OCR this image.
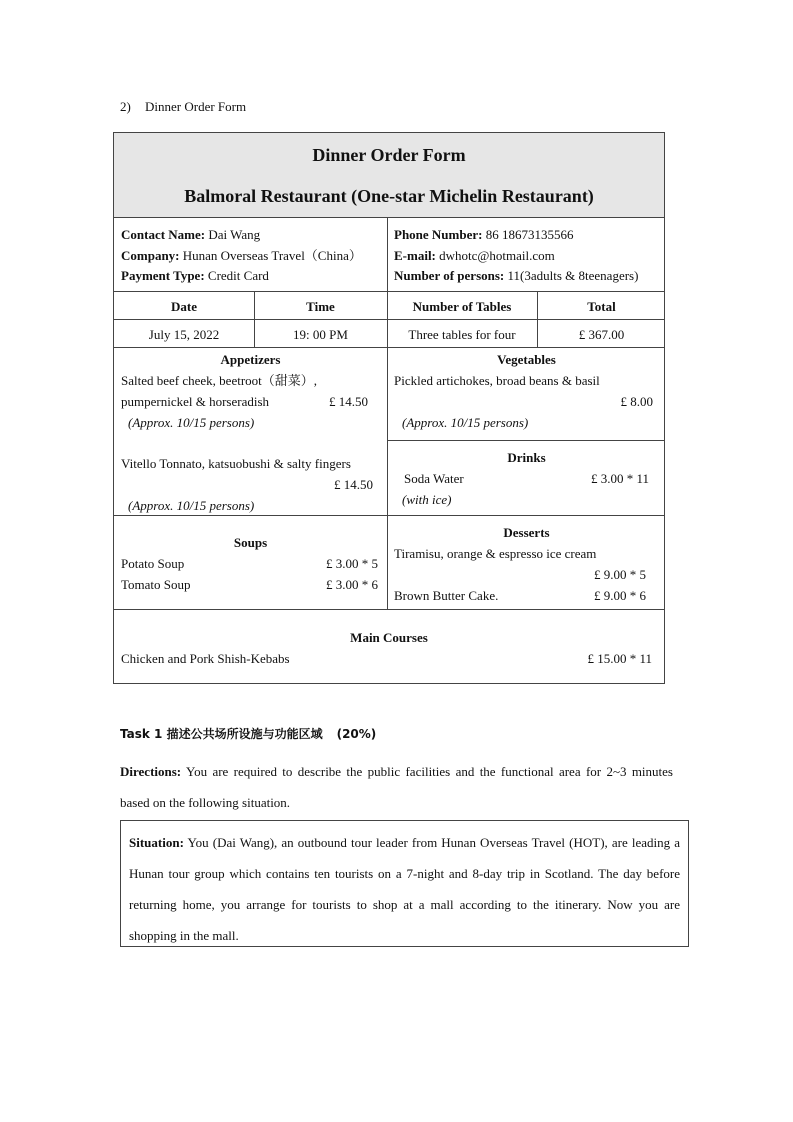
2) Dinner Order Form
Dinner Order Form
Balmoral Restaurant (One-star Michelin Restaurant)
Contact Name: Dai Wang
Company: Hunan Overseas Travel（China）
Payment Type: Credit Card
Phone Number: 86 18673135566
E-mail: dwhotc@hotmail.com
Number of persons: 11(3adults & 8teenagers)
Date	Time	Number of Tables	Total
July 15, 2022	19: 00 PM	Three tables for four	£ 367.00
Appetizers
Salted beef cheek, beetroot（甜菜）,
pumpernickel & horseradish	£ 14.50
(Approx. 10/15 persons)
Vitello Tonnato, katsuobushi & salty fingers
£ 14.50
(Approx. 10/15 persons)
Vegetables
Pickled artichokes, broad beans & basil
£ 8.00
(Approx. 10/15 persons)
Drinks
Soda Water	£ 3.00 * 11
(with ice)
Soups
Potato Soup	£ 3.00 * 5
Tomato Soup	£ 3.00 * 6
Desserts
Tiramisu, orange & espresso ice cream
£ 9.00 * 5
Brown Butter Cake.	£ 9.00 * 6
Main Courses
Chicken and Pork Shish-Kebabs	£ 15.00 * 11
Task 1 描述公共场所设施与功能区域 (20%)
Directions: You are required to describe the public facilities and the functional area for 2~3 minutes based on the following situation.
Situation: You (Dai Wang), an outbound tour leader from Hunan Overseas Travel (HOT), are leading a Hunan tour group which contains ten tourists on a 7-night and 8-day trip in Scotland. The day before returning home, you arrange for tourists to shop at a mall according to the itinerary. Now you are shopping in the mall.
